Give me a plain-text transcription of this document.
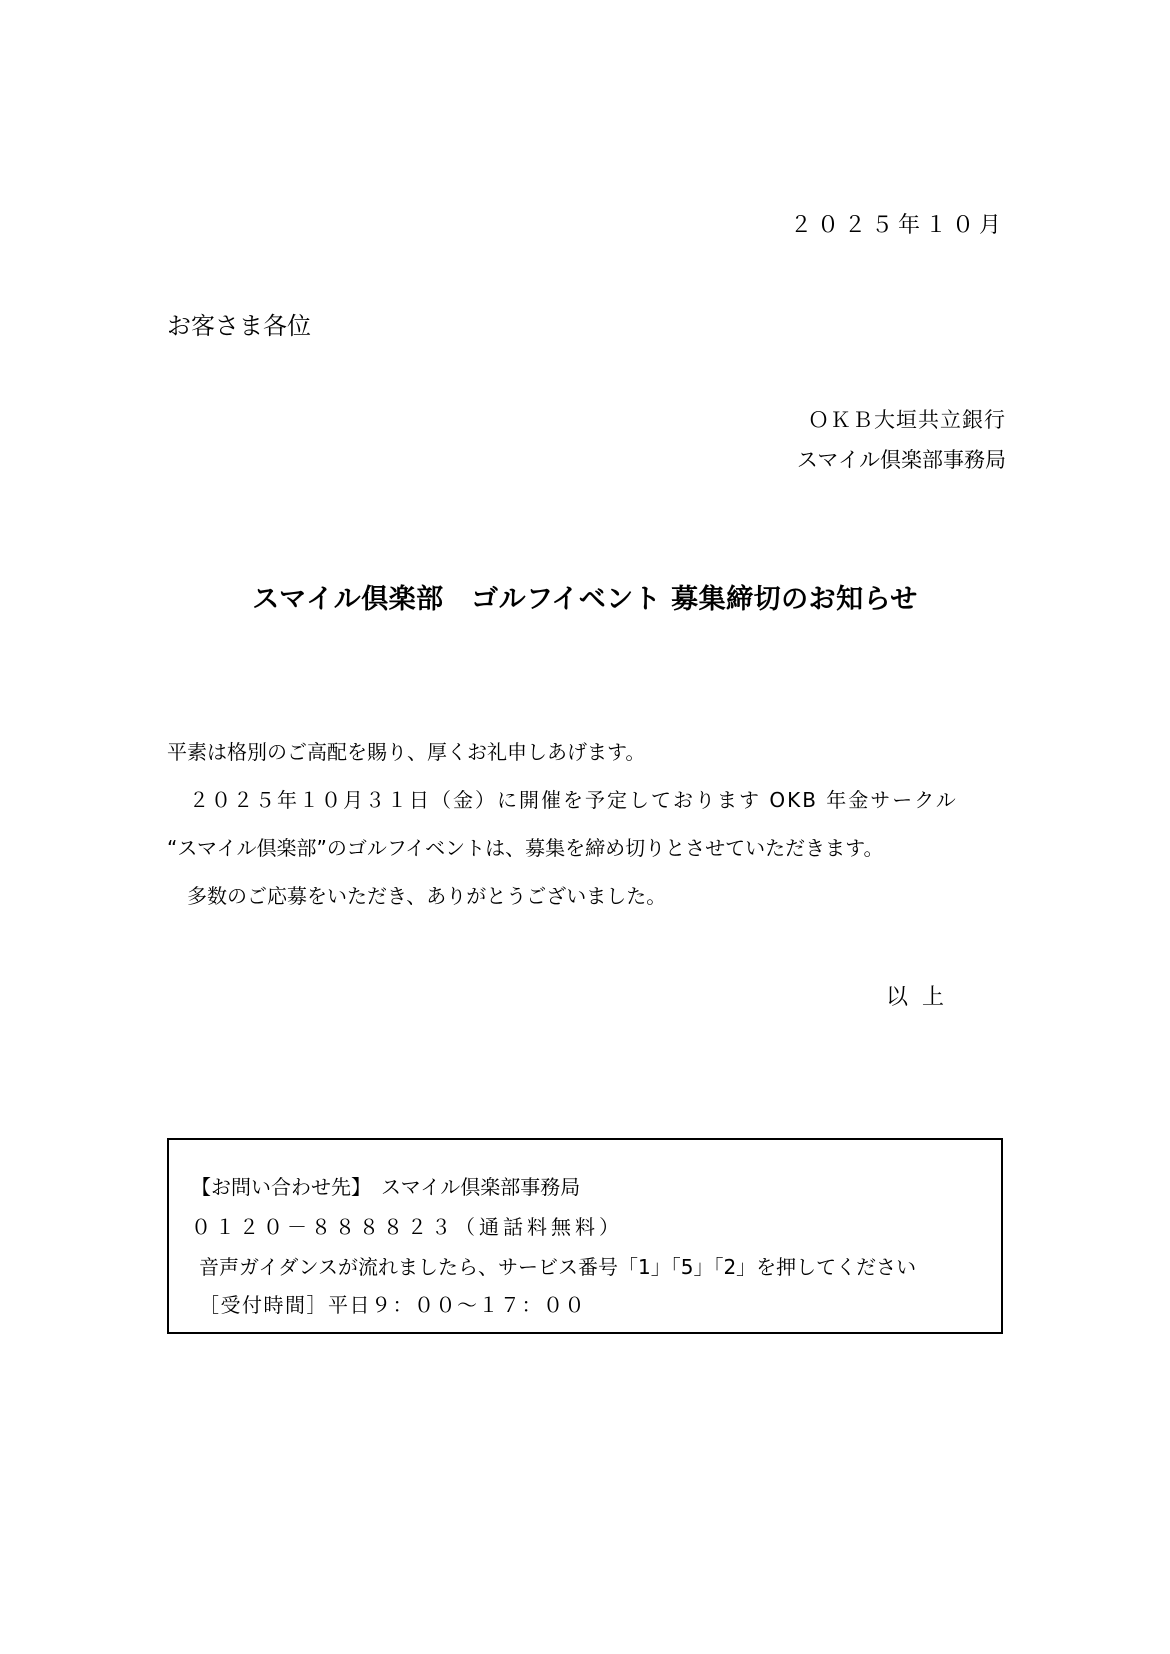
２０２５年１０月
お客さま各位
ＯＫＢ大垣共立銀行
スマイル倶楽部事務局
スマイル倶楽部　ゴルフイベント 募集締切のお知らせ
平素は格別のご高配を賜り、厚くお礼申しあげます。
　２０２５年１０月３１日（金）に開催を予定しております OKB 年金サークル
“スマイル倶楽部”のゴルフイベントは、募集を締め切りとさせていただきます。
　多数のご応募をいただき、ありがとうございました。
以上
【お問い合わせ先】　スマイル倶楽部事務局
０１２０－８８８８２３（通話料無料）
音声ガイダンスが流れましたら、サービス番号「1」「5」「2」を押してください
［受付時間］平日９：００～１７：００
